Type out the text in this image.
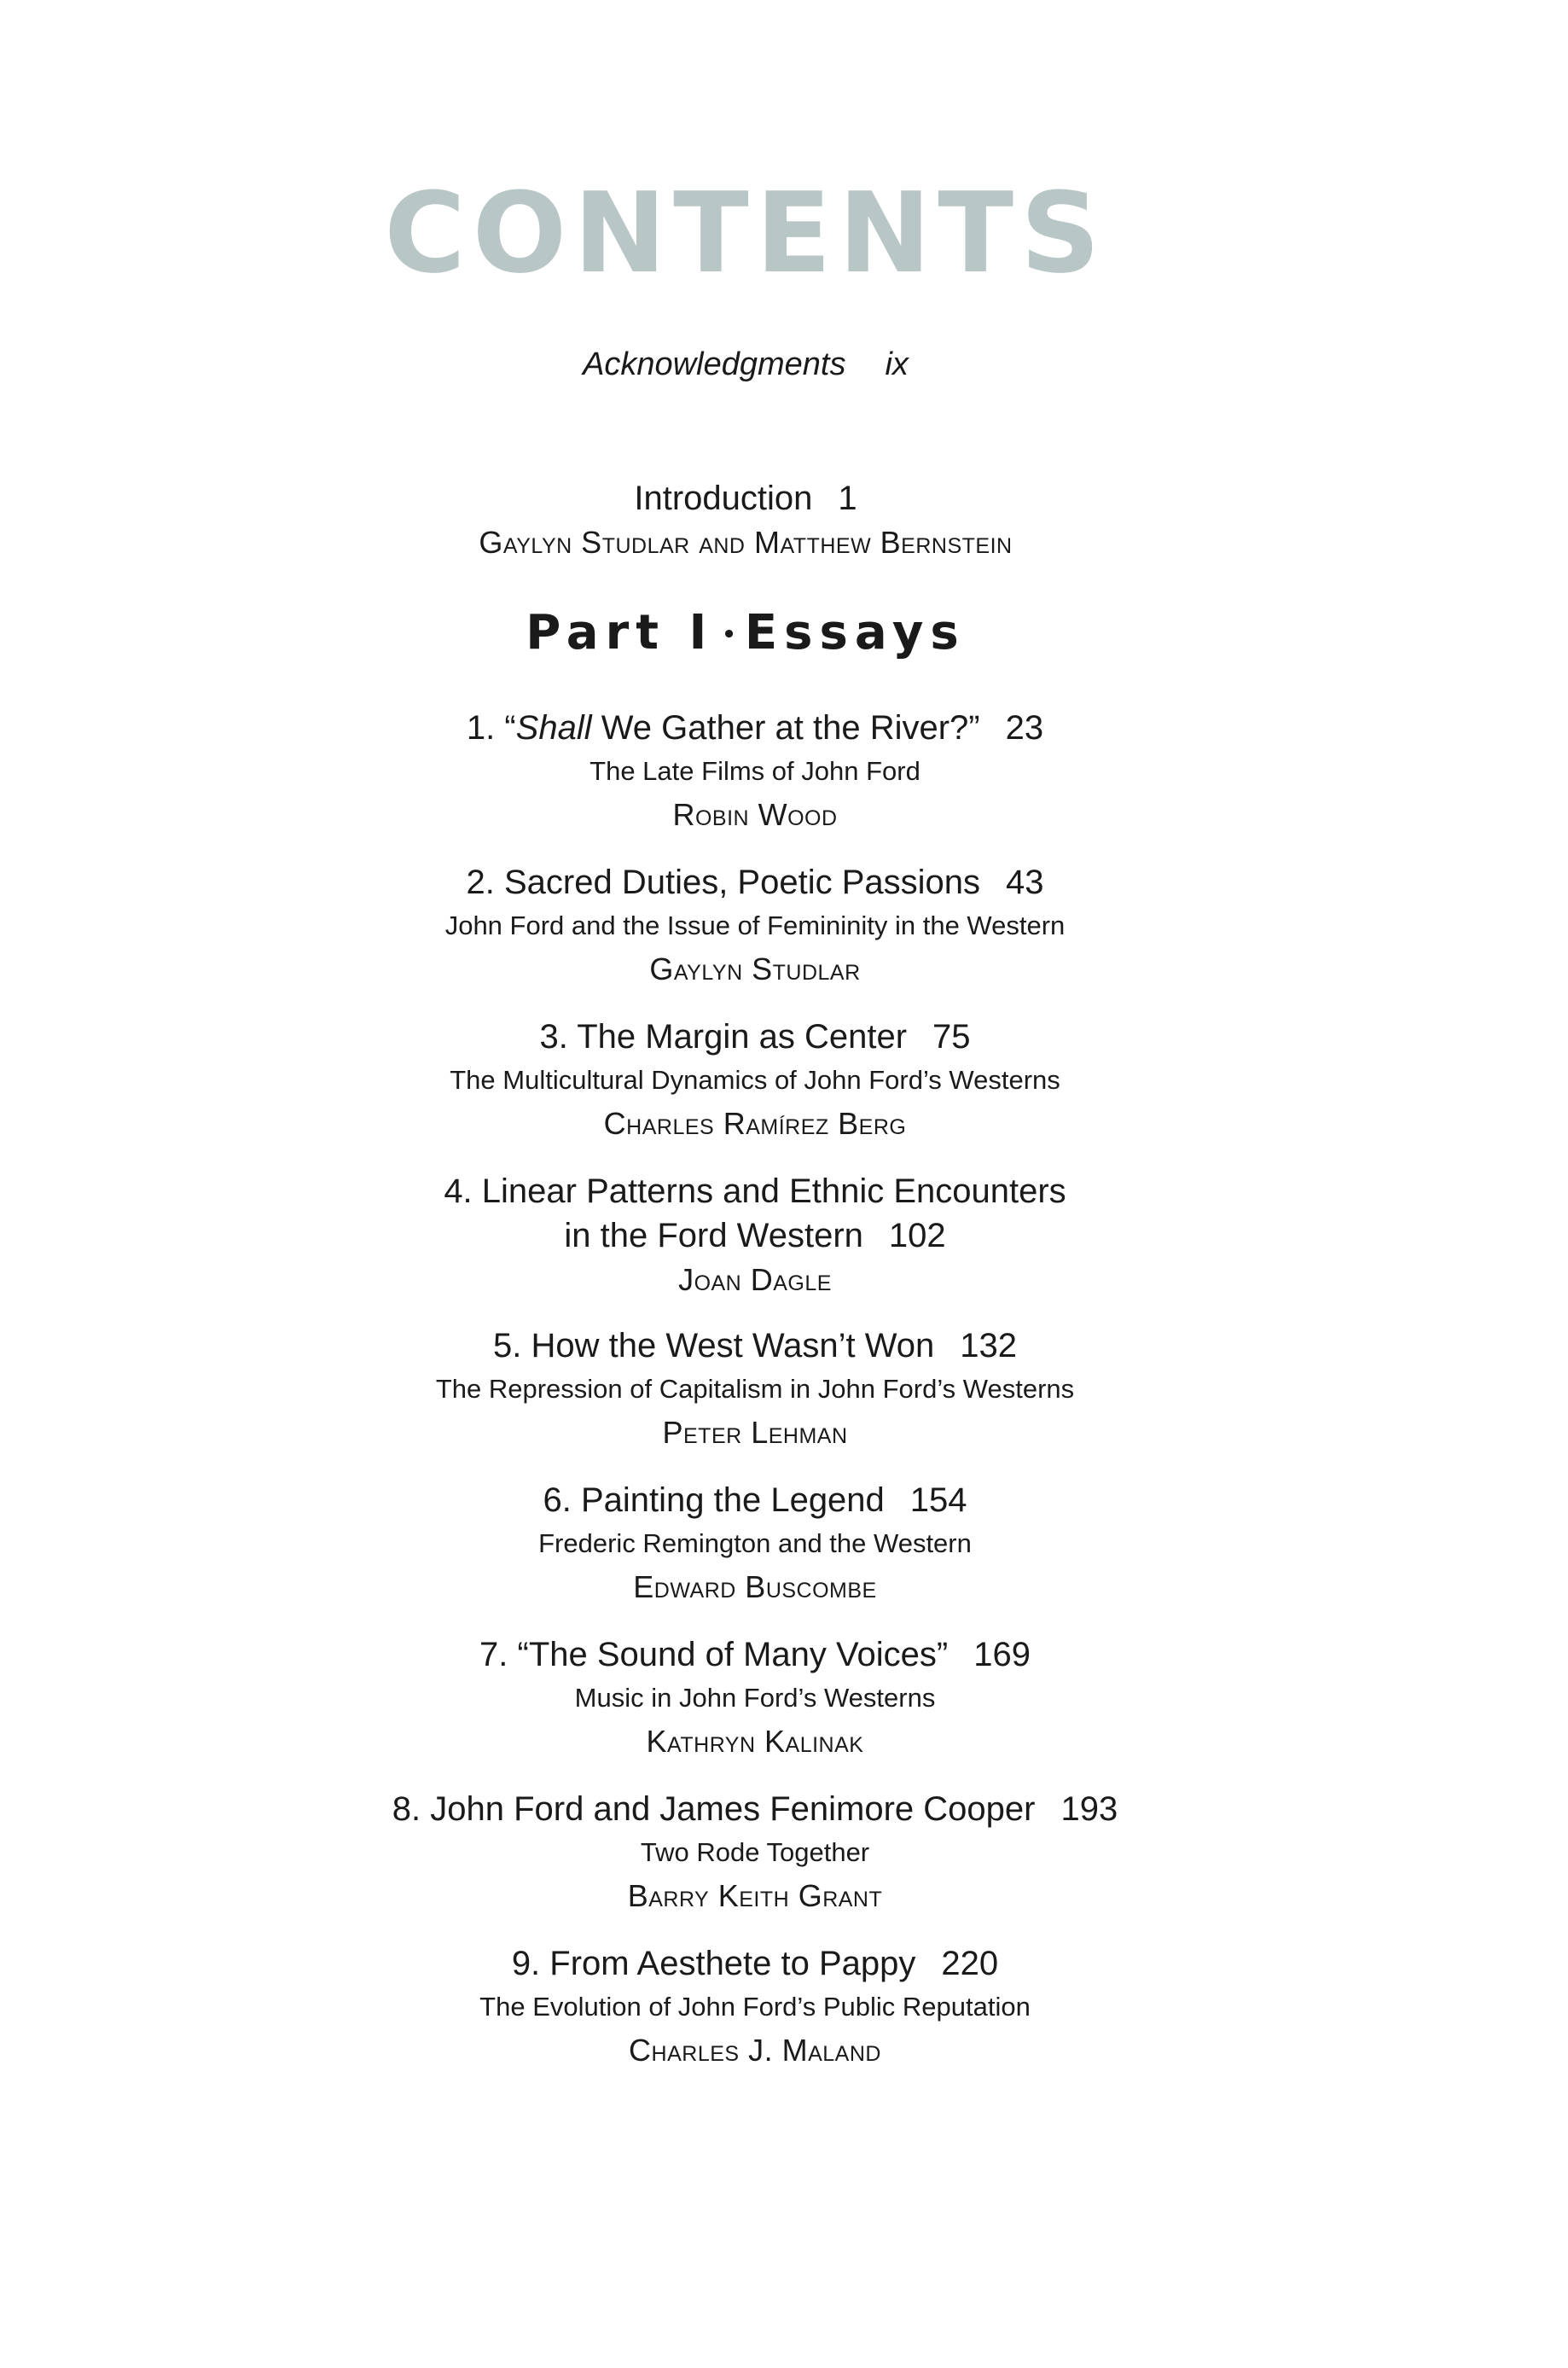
CONTENTS
Acknowledgments ix
Introduction 1
Gaylyn Studlar and Matthew Bernstein
Part I • Essays
1. “Shall We Gather at the River?” 23
The Late Films of John Ford
Robin Wood
2. Sacred Duties, Poetic Passions 43
John Ford and the Issue of Femininity in the Western
Gaylyn Studlar
3. The Margin as Center 75
The Multicultural Dynamics of John Ford’s Westerns
Charles Ramírez Berg
4. Linear Patterns and Ethnic Encounters
in the Ford Western 102
Joan Dagle
5. How the West Wasn’t Won 132
The Repression of Capitalism in John Ford’s Westerns
Peter Lehman
6. Painting the Legend 154
Frederic Remington and the Western
Edward Buscombe
7. “The Sound of Many Voices” 169
Music in John Ford’s Westerns
Kathryn Kalinak
8. John Ford and James Fenimore Cooper 193
Two Rode Together
Barry Keith Grant
9. From Aesthete to Pappy 220
The Evolution of John Ford’s Public Reputation
Charles J. Maland
